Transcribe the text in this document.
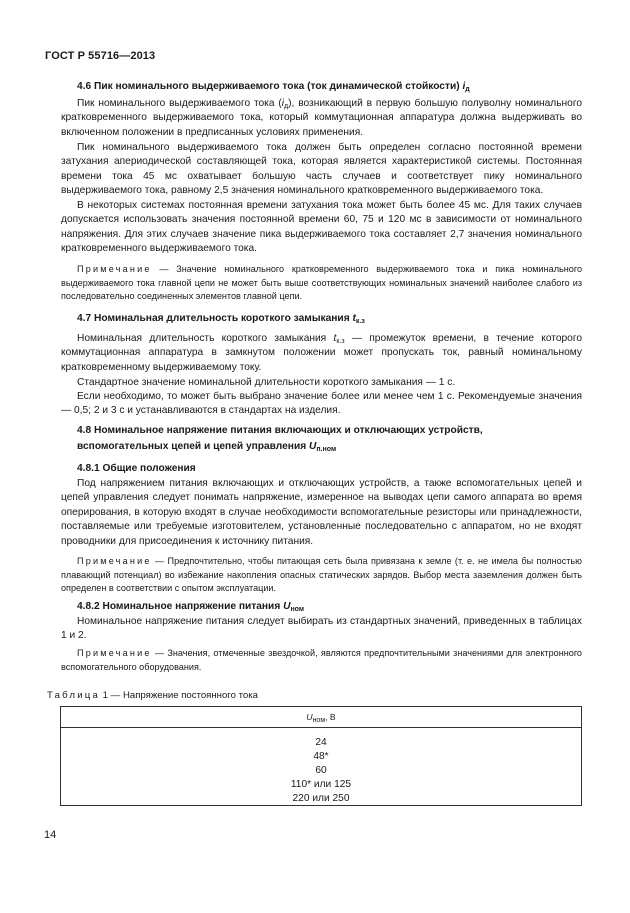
ГОСТ Р 55716—2013
4.6 Пик номинального выдерживаемого тока (ток динамической стойкости) $i_д$

Пик номинального выдерживаемого тока $(i_д)$, возникающий в первую большую полуволну номинального кратковременного выдерживаемого тока, который коммутационная аппаратура должна выдерживать во включенном положении в предписанных условиях применения.

Пик номинального выдерживаемого тока должен быть определен согласно постоянной времени затухания апериодической составляющей тока, которая является характеристикой системы. Постоянная времени тока 45 мс охватывает большую часть случаев и соответствует пику номинального выдерживаемого тока, равному 2,5 значения номинального кратковременного выдерживаемого тока.

В некоторых системах постоянная времени затухания тока может быть более 45 мс. Для таких случаев допускается использовать значения постоянной времени 60, 75 и 120 мс в зависимости от номинального напряжения. Для этих случаев значение пика выдерживаемого тока составляет 2,7 значения номинального кратковременного выдерживаемого тока.

Примечание — Значение номинального кратковременного выдерживаемого тока и пика номинального выдерживаемого тока главной цепи не может быть выше соответствующих номинальных значений наиболее слабого из последовательно соединенных элементов главной цепи.

4.7 Номинальная длительность короткого замыкания $t_{к.з}$

Номинальная длительность короткого замыкания $t_{к.з}$ — промежуток времени, в течение которого коммутационная аппаратура в замкнутом положении может пропускать ток, равный номинальному кратковременному выдерживаемому току.

Стандартное значение номинальной длительности короткого замыкания — 1 с.

Если необходимо, то может быть выбрано значение более или менее чем 1 с. Рекомендуемые значения — 0,5; 2 и 3 с и устанавливаются в стандартах на изделия.

4.8 Номинальное напряжение питания включающих и отключающих устройств,
вспомогательных цепей и цепей управления $U_{п.ном}$
4.8.1 Общие положения

Под напряжением питания включающих и отключающих устройств, а также вспомогательных цепей и цепей управления следует понимать напряжение, измеренное на выводах цепи самого аппарата во время оперирования, в которую входят в случае необходимости вспомогательные резисторы или принадлежности, поставляемые или требуемые изготовителем, установленные последовательно с аппаратом, но не входят проводники для присоединения к источнику питания.

Примечание — Предпочтительно, чтобы питающая сеть была привязана к земле (т. е. не имела бы полностью плавающий потенциал) во избежание накопления опасных статических зарядов. Выбор места заземления должен быть определен в соответствии с опытом эксплуатации.

4.8.2 Номинальное напряжение питания $U_{ном}$

Номинальное напряжение питания следует выбирать из стандартных значений, приведенных в таблицах 1 и 2.

Примечание — Значения, отмеченные звездочкой, являются предпочтительными значениями для электронного вспомогательного оборудования.

Таблица 1 — Напряжение постоянного тока
$U_{ном}$, В
24
48*
60
110* или 125
220 или 250
14
